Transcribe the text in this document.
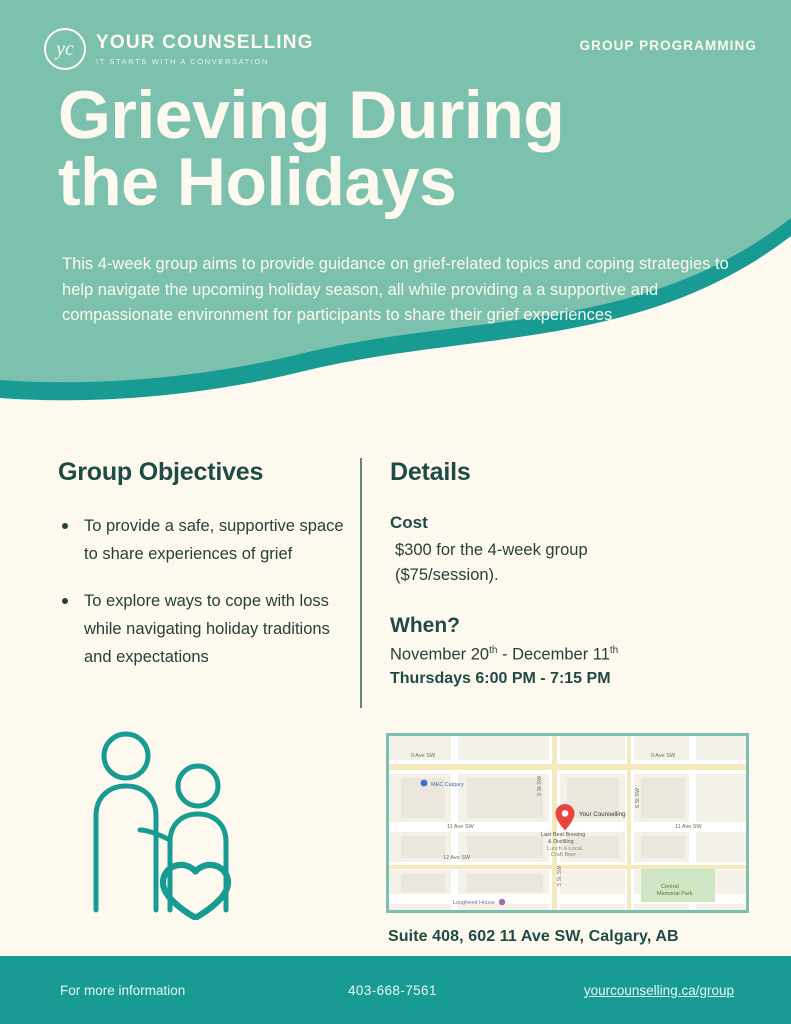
yc	YOUR COUNSELLING
IT STARTS WITH A CONVERSATION
GROUP PROGRAMMING
Grieving During
the Holidays
This 4-week group aims to provide guidance on grief-related topics and coping strategies to help navigate the upcoming holiday season, all while providing a a supportive and compassionate environment for participants to share their grief experiences
Group Objectives
To provide a safe, supportive space to share experiences of grief
To explore ways to cope with loss while navigating holiday traditions and expectations
Details
Cost
$300 for the 4-week group
($75/session).
When?
November 20th - December 11th
Thursdays 6:00 PM - 7:15 PM
9 Ave SW	9 Ave SW
11 Ave SW	11 Ave SW
12 Ave SW
5 St SW
6 St SW
5 St SW
MEC Calgary
Lougheed House
Central
Memorial Park
Last Best Brewing
& Distilling
Lunch & Local
Craft Beer
Your Counselling
Suite 408, 602 11 Ave SW, Calgary, AB
For more information	403-668-7561	yourcounselling.ca/group
